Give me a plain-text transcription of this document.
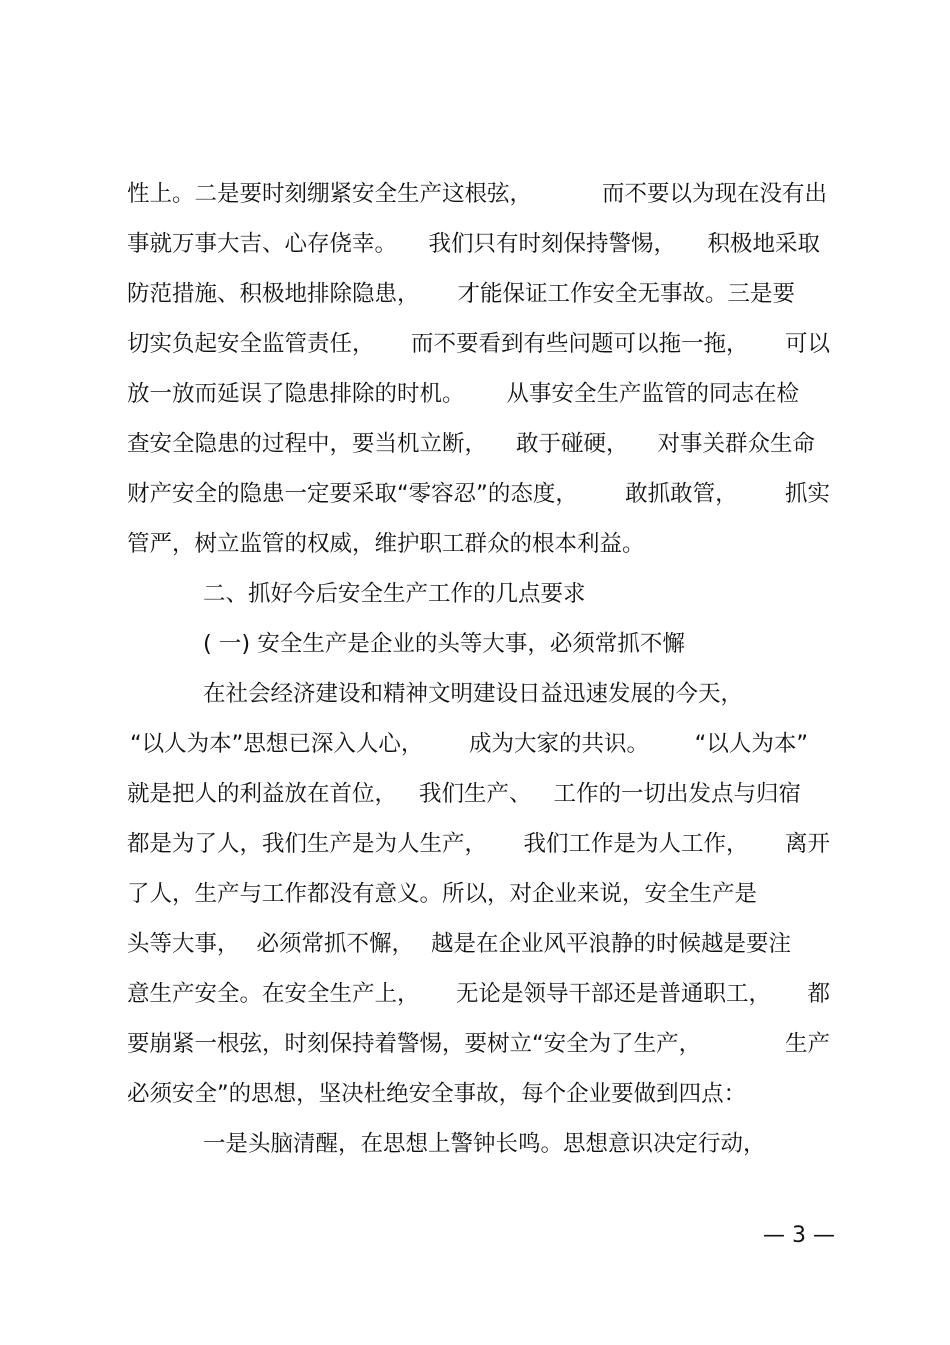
性上。二是要时刻绷紧安全生产这根弦，	而不要以为现在没有出
事就万事大吉、心存侥幸。 我们只有时刻保持警惕， 积极地采取
防范措施、积极地排除隐患， 才能保证工作安全无事故。三是要
切实负起安全监管责任， 而不要看到有些问题可以拖一拖， 可以
放一放而延误了隐患排除的时机。 从事安全生产监管的同志在检
查安全隐患的过程中，要当机立断， 敢于碰硬， 对事关群众生命
财产安全的隐患一定要采取“零容忍”的态度， 敢抓敢管， 抓实
管严，树立监管的权威，维护职工群众的根本利益。
二、抓好今后安全生产工作的几点要求
( 一) 安全生产是企业的头等大事，必须常抓不懈
在社会经济建设和精神文明建设日益迅速发展的今天，
“以人为本”思想已深入人心， 成为大家的共识。 “以人为本”
就是把人的利益放在首位， 我们生产、 工作的一切出发点与归宿
都是为了人，我们生产是为人生产， 我们工作是为人工作， 离开
了人，生产与工作都没有意义。所以，对企业来说，安全生产是
头等大事， 必须常抓不懈， 越是在企业风平浪静的时候越是要注
意生产安全。在安全生产上， 无论是领导干部还是普通职工， 都
要崩紧一根弦，时刻保持着警惕，要树立“安全为了生产，	生产
必须安全”的思想，坚决杜绝安全事故，每个企业要做到四点：
一是头脑清醒，在思想上警钟长鸣。思想意识决定行动，
— 3 —
